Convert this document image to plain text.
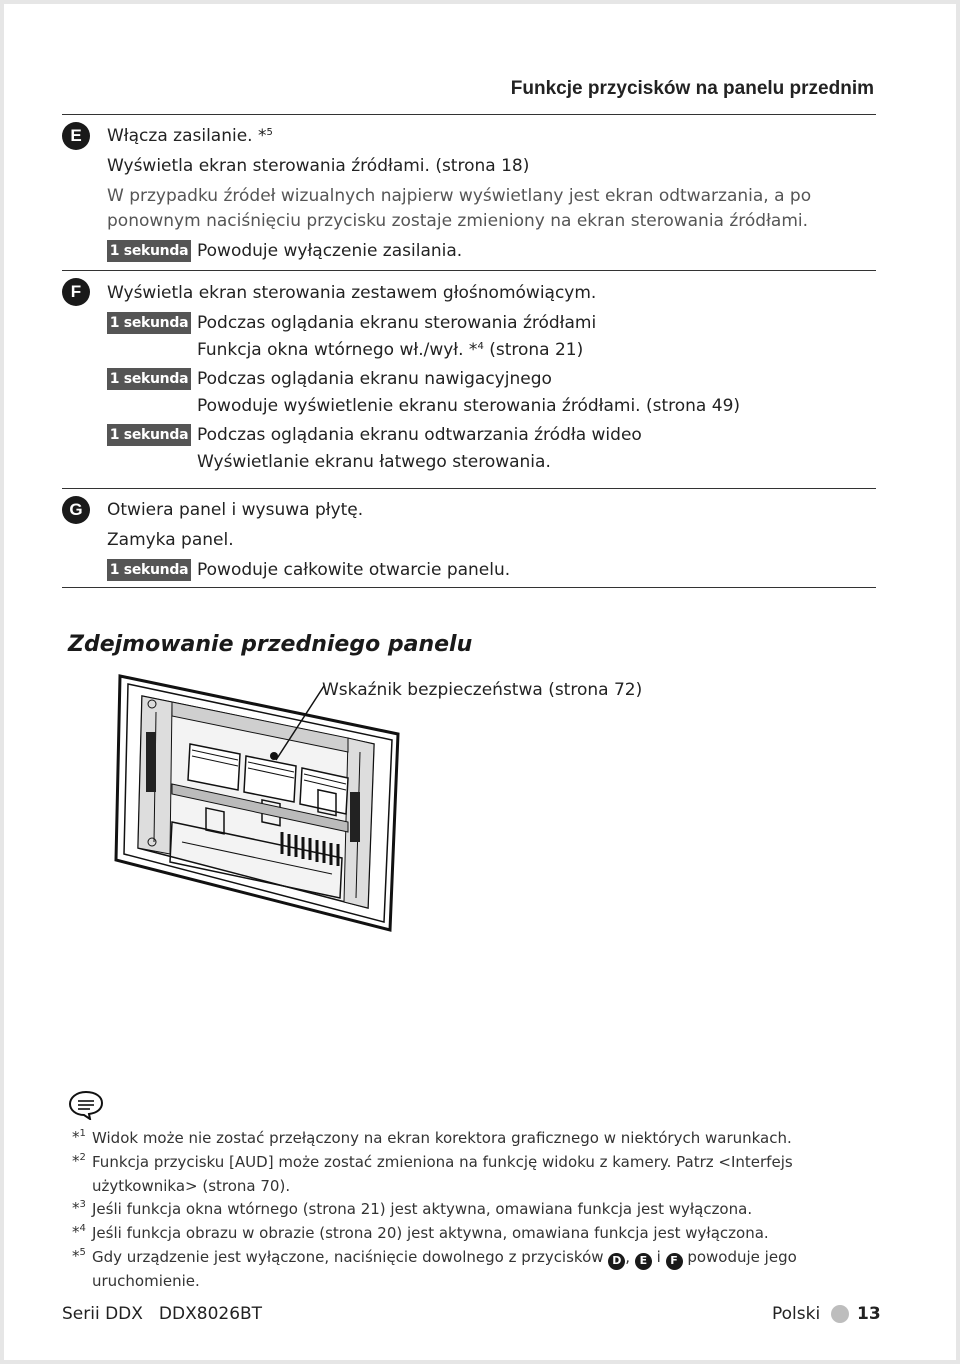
Funkcje przycisków na panelu przednim
E	Włącza zasilanie. *$^5$
Wyświetla ekran sterowania źródłami. (strona 18)
W przypadku źródeł wizualnych najpierw wyświetlany jest ekran odtwarzania, a po
ponownym naciśnięciu przycisku zostaje zmieniony na ekran sterowania źródłami.
1 sekunda Powoduje wyłączenie zasilania.
F	Wyświetla ekran sterowania zestawem głośnomówiącym.
1 sekunda Podczas oglądania ekranu sterowania źródłami
Funkcja okna wtórnego wł./wył. *$^4$ (strona 21)
1 sekunda Podczas oglądania ekranu nawigacyjnego
Powoduje wyświetlenie ekranu sterowania źródłami. (strona 49)
1 sekunda Podczas oglądania ekranu odtwarzania źródła wideo
Wyświetlanie ekranu łatwego sterowania.
G	Otwiera panel i wysuwa płytę.
Zamyka panel.
1 sekunda Powoduje całkowite otwarcie panelu.
Zdejmowanie przedniego panelu
Wskaźnik bezpieczeństwa (strona 72)
*$^1$ Widok może nie zostać przełączony na ekran korektora graficznego w niektórych warunkach.
*$^2$ Funkcja przycisku [AUD] może zostać zmieniona na funkcję widoku z kamery. Patrz <Interfejs
użytkownika> (strona 70).
*$^3$ Jeśli funkcja okna wtórnego (strona 21) jest aktywna, omawiana funkcja jest wyłączona.
*$^4$ Jeśli funkcja obrazu w obrazie (strona 20) jest aktywna, omawiana funkcja jest wyłączona.
*$^5$ Gdy urządzenie jest wyłączone, naciśnięcie dowolnego z przycisków D , E i F powoduje jego
uruchomienie.
Serii DDX DDX8026BT	Polski 13
